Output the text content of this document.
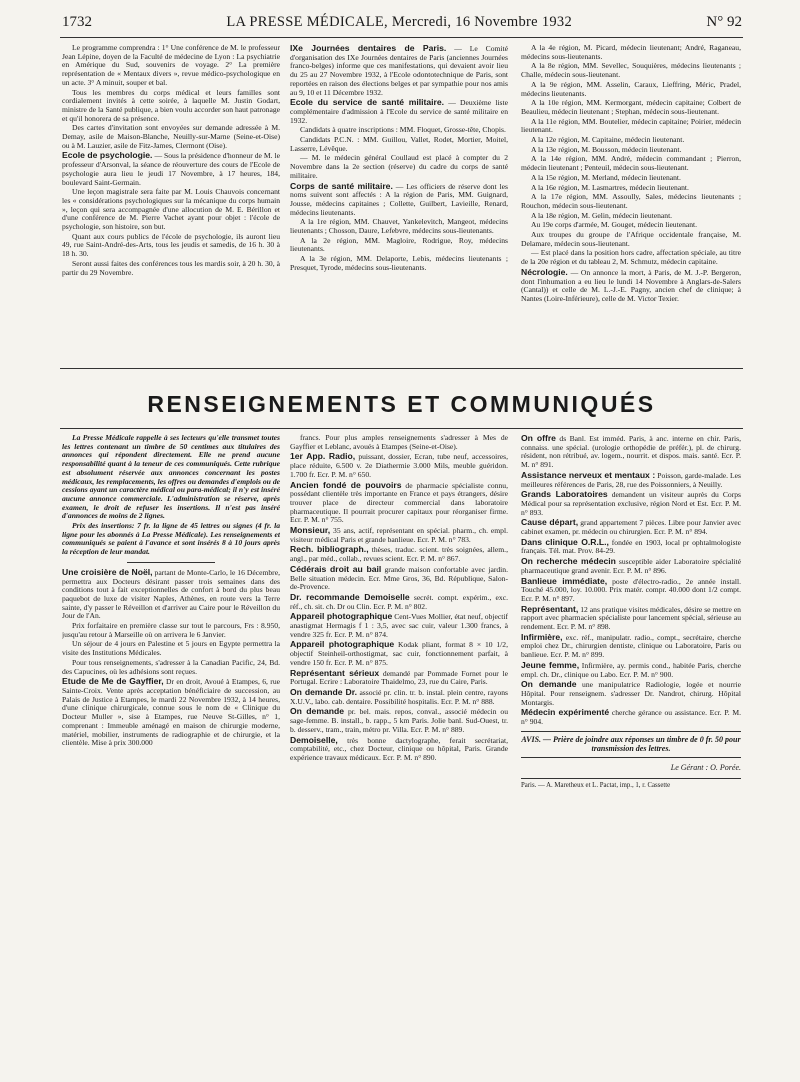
1732	LA PRESSE MÉDICALE, Mercredi, 16 Novembre 1932	N° 92

Le programme comprendra : 1° Une conférence de M. le professeur Jean Lépine, doyen de la Faculté de médecine de Lyon : La psychiatrie en Amérique du Sud, souvenirs de voyage. 2° La première représentation de « Mentaux divers », revue médico-psychologique en un acte. 3° A minuit, souper et bal.

Tous les membres du corps médical et leurs familles sont cordialement invités à cette soirée, à laquelle M. Justin Godart, ministre de la Santé publique, a bien voulu accorder son haut patronage et qu'il honorera de sa présence.

Des cartes d'invitation sont envoyées sur demande adressée à M. Demay, asile de Maison-Blanche, Neuilly-sur-Marne (Seine-et-Oise) ou à M. Lauzier, asile de Fitz-James, Clermont (Oise).

Ecole de psychologie. — Sous la présidence d'honneur de M. le professeur d'Arsonval, la séance de réouverture des cours de l'Ecole de psychologie aura lieu le jeudi 17 Novembre, à 17 heures, 184, boulevard Saint-Germain.

Une leçon magistrale sera faite par M. Louis Chauvois concernant les « considérations psychologiques sur la mécanique du corps humain », leçon qui sera accompagnée d'une allocution de M. E. Bérillon et d'une conférence de M. Pierre Vachet ayant pour objet : l'école de psychologie, son histoire, son but.

Quant aux cours publics de l'école de psychologie, ils auront lieu 49, rue Saint-André-des-Arts, tous les jeudis et samedis, de 16 h. 30 à 18 h. 30.

Seront aussi faites des conférences tous les mardis soir, à 20 h. 30, à partir du 29 Novembre.

IXe Journées dentaires de Paris. — Le Comité d'organisation des IXe Journées dentaires de Paris (anciennes Journées franco-belges) informe que ces manifestations, qui devaient avoir lieu du 25 au 27 Novembre 1932, à l'Ecole odontotechnique de Paris, sont reportées en raison des élections belges et par sympathie pour nos amis au 9, 10 et 11 Décembre 1932.

Ecole du service de santé militaire. — Deuxième liste complémentaire d'admission à l'Ecole du service de santé militaire en 1932.

Candidats à quatre inscriptions : MM. Floquet, Grosse-tête, Chopis.

Candidats P.C.N. : MM. Guillou, Vallet, Rodet, Mortier, Moitel, Lasserre, Lévêque.

— M. le médecin général Coullaud est placé à compter du 2 Novembre dans la 2e section (réserve) du cadre du corps de santé militaire.

Corps de santé militaire. — Les officiers de réserve dont les noms suivent sont affectés : A la région de Paris, MM. Guignard, Jousse, médecins capitaines ; Collette, Guilbert, Lavieille, Renard, médecins lieutenants.

A la 1re région, MM. Chauvet, Yankelevitch, Mangeot, médecins lieutenants ; Chosson, Daure, Lefebvre, médecins sous-lieutenants.

A la 2e région, MM. Magloire, Rodrigue, Roy, médecins lieutenants.

A la 3e région, MM. Delaporte, Lebis, médecins lieutenants ; Presquet, Tyrode, médecins sous-lieutenants.

A la 4e région, M. Picard, médecin lieutenant; André, Raganeau, médecins sous-lieutenants.

A la 8e région, MM. Sevellec, Souquières, médecins lieutenants ; Challe, médecin sous-lieutenant.

A la 9e région, MM. Asselin, Caraux, Lieffring, Méric, Pradel, médecins lieutenants.

A la 10e région, MM. Kermorgant, médecin capitaine; Colbert de Beaulieu, médecin lieutenant ; Stephan, médecin sous-lieutenant.

A la 11e région, MM. Boutelier, médecin capitaine; Poirier, médecin lieutenant.

A la 12e région, M. Capitaine, médecin lieutenant.

A la 13e région, M. Bousson, médecin lieutenant.

A la 14e région, MM. André, médecin commandant ; Pierron, médecin lieutenant ; Penteuil, médecin sous-lieutenant.

A la 15e région, M. Merland, médecin lieutenant.

A la 16e région, M. Lasmartres, médecin lieutenant.

A la 17e région, MM. Assoully, Sales, médecins lieutenants ; Rouchon, médecin sous-lieutenant.

A la 18e région, M. Gelin, médecin lieutenant.

Au 19e corps d'armée, M. Gouget, médecin lieutenant.

Aux troupes du groupe de l'Afrique occidentale française, M. Delamare, médecin sous-lieutenant.

— Est placé dans la position hors cadre, affectation spéciale, au titre de la 20e région et du tableau 2, M. Schmutz, médecin capitaine.

Nécrologie. — On annonce la mort, à Paris, de M. J.-P. Bergeron, dont l'inhumation a eu lieu le lundi 14 Novembre à Anglars-de-Salers (Cantal)) et celle de M. L.-J.-E. Pagny, ancien chef de clinique; à Nantes (Loire-Inférieure), celle de M. Victor Texier.

RENSEIGNEMENTS ET COMMUNIQUÉS

La Presse Médicale rappelle à ses lecteurs qu'elle transmet toutes les lettres contenant un timbre de 50 centimes aux titulaires des annonces qui répondent directement. Elle ne prend aucune responsabilité quant à la teneur de ces communiqués. Cette rubrique est absolument réservée aux annonces concernant les postes médicaux, les remplacements, les offres ou demandes d'emplois ou de cessions ayant un caractère médical ou para-médical; il n'y est inséré aucune annonce commerciale. L'administration se réserve, après examen, le droit de refuser les insertions. Il n'est pas inséré d'annonces de moins de 2 lignes.

Prix des insertions: 7 fr. la ligne de 45 lettres ou signes (4 fr. la ligne pour les abonnés à La Presse Médicale). Les renseignements et communiqués se paient à l'avance et sont insérés 8 à 10 jours après la réception de leur mandat.

Une croisière de Noël, partant de Monte-Carlo, le 16 Décembre, permettra aux Docteurs désirant passer trois semaines dans des conditions tout à fait exceptionnelles de confort à bord du plus beau paquebot de luxe de visiter Naples, Athènes, en route vers la Terre sainte, d'y passer le Réveillon et d'arriver au Caire pour le Réveillon du Jour de l'An.

Prix forfaitaire en première classe sur tout le parcours, Frs : 8.950, jusqu'au retour à Marseille où on arrivera le 6 Janvier.

Un séjour de 4 jours en Palestine et 5 jours en Egypte permettra la visite des Institutions Médicales.

Pour tous renseignements, s'adresser à la Canadian Pacific, 24, Bd. des Capucines, où les adhésions sont reçues.

Etude de Me de Gayffier, Dr en droit, Avoué à Etampes, 6, rue Sainte-Croix. Vente après acceptation bénéficiaire de succession, au Palais de Justice à Etampes, le mardi 22 Novembre 1932, à 14 heures, d'une clinique chirurgicale, connue sous le nom de « Clinique du Docteur Muller », sise à Etampes, rue Neuve St-Gilles, n° 1, comprenant : Immeuble aménagé en maison de chirurgie moderne, matériel, mobilier, instruments de radiographie et de chirurgie, et la clientèle. Mise à prix 300.000

francs. Pour plus amples renseignements s'adresser à Mes de Gayffier et Leblanc, avoués à Etampes (Seine-et-Oise).

1er App. Radio, puissant, dossier, Ecran, tube neuf, accessoires, place réduite, 6.500 v. 2e Diathermie 3.000 Mils, meuble guéridon. 1.700 fr. Ecr. P. M. n° 650.

Ancien fondé de pouvoirs de pharmacie spécialiste connu, possédant clientèle très importante en France et pays étrangers, désire trouver place de directeur commercial dans laboratoire pharmaceutique. Il pourrait procurer capitaux pour réorganiser firme. Ecr. P. M. n° 755.

Monsieur, 35 ans, actif, représentant en spécial. pharm., ch. empl. visiteur médical Paris et grande banlieue. Ecr. P. M. n° 783.

Rech. bibliograph., thèses, traduc. scient. très soignées, allem., angl., par méd., collab., revues scient. Ecr. P. M. n° 867.

Cédérais droit au bail grande maison confortable avec jardin. Belle situation médecin. Ecr. Mme Gros, 36, Bd. République, Salon-de-Provence.

Dr. recommande Demoiselle secrét. compt. expérim., exc. réf., ch. sit. ch. Dr ou Clin. Ecr. P. M. n° 802.

Appareil photographique Cent-Vues Mollier, état neuf, objectif anastigmat Hermagis f 1 : 3,5, avec sac cuir, valeur 1.300 francs, à vendre 325 fr. Ecr. P. M. n° 874.

Appareil photographique Kodak pliant, format 8 × 10 1/2, objectif Steinheil-orthostigmat, sac cuir, fonctionnement parfait, à vendre 150 fr. Ecr. P. M. n° 875.

Représentant sérieux demandé par Pommade Fornet pour le Portugal. Ecrire : Laboratoire Thaidelmo, 23, rue du Caire, Paris.

On demande Dr. associé pr. clin. tr. b. instal. plein centre, rayons X.U.V., labo. cab. dentaire. Possibilité hospitalis. Ecr. P. M. n° 888.

On demande pr. bel. mais. repos, conval., associé médecin ou sage-femme. B. install., b. rapp., 5 km Paris. Jolie banl. Sud-Ouest, tr. b. desserv., tram., train, métro pr. Villa. Ecr. P. M. n° 889.

Demoiselle, très bonne dactylographe, ferait secrétariat, comptabilité, etc., chez Docteur, clinique ou hôpital, Paris. Grande expérience travaux médicaux. Ecr. P. M. n° 890.

On offre ds Banl. Est imméd. Paris, à anc. interne en chir. Paris, connaiss. une spécial. (urologie orthopédie de préfér.), pl. de chirurg. résident, non rétribué, av. logem., nourrit. et dispos. mais. santé. Ecr. P. M. n° 891.

Assistance nerveux et mentaux : Poisson, garde-malade. Les meilleures références de Paris, 28, rue des Poissonniers, à Neuilly.

Grands Laboratoires demandent un visiteur auprès du Corps Médical pour sa représentation exclusive, région Nord et Est. Ecr. P. M. n° 893.

Cause départ, grand appartement 7 pièces. Libre pour Janvier avec cabinet examen, pr. médecin ou chirurgien. Ecr. P. M. n° 894.

Dans clinique O.R.L., fondée en 1903, local pr ophtalmologiste français. Tél. mat. Prov. 84-29.

On recherche médecin susceptible aider Laboratoire spécialité pharmaceutique grand avenir. Ecr. P. M. n° 896.

Banlieue immédiate, poste d'électro-radio., 2e année install. Touché 45.000, loy. 10.000. Prix matér. compr. 40.000 dont 1/2 compt. Ecr. P. M. n° 897.

Représentant, 12 ans pratique visites médicales, désire se mettre en rapport avec pharmacien spécialiste pour lancement spécial, sérieuse au rendement. Ecr. P. M. n° 898.

Infirmière, exc. réf., manipulatr. radio., compt., secrétaire, cherche emploi chez Dr., chirurgien dentiste, clinique ou Laboratoire, Paris ou banlieue. Ecr. P. M. n° 899.

Jeune femme, Infirmière, ay. permis cond., habitée Paris, cherche empl. ch. Dr., clinique ou Labo. Ecr. P. M. n° 900.

On demande une manipulatrice Radiologie, logée et nourrie Hôpital. Pour renseignem. s'adresser Dr. Nandrot, chirurg. Hôpital Montargis.

Médecin expérimenté cherche gérance ou assistance. Ecr. P. M. n° 904.

AVIS. — Prière de joindre aux réponses un timbre de 0 fr. 50 pour transmission des lettres.
Le Gérant : O. Porée.
Paris. — A. Maretheux et L. Pactat, imp., 1, r. Cassette
